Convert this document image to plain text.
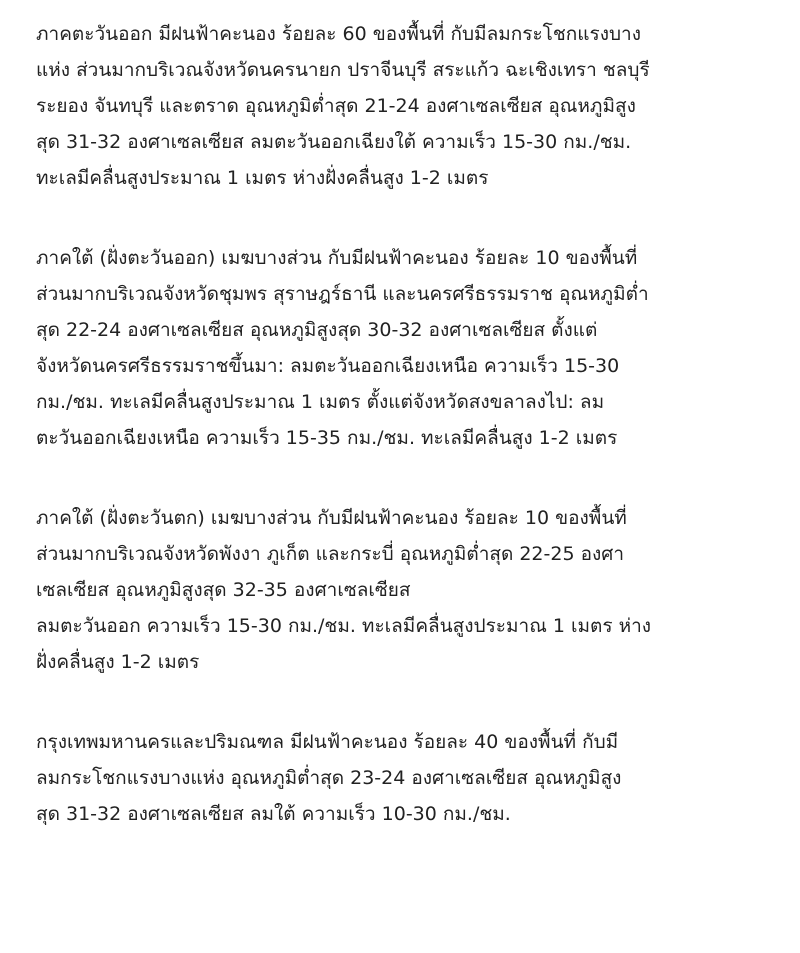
ภาคตะวันออก มีฝนฟ้าคะนอง ร้อยละ 60 ของพื้นที่ กับมีลมกระโชกแรงบาง
แห่ง ส่วนมากบริเวณจังหวัดนครนายก ปราจีนบุรี สระแก้ว ฉะเชิงเทรา ชลบุรี
ระยอง จันทบุรี และตราด อุณหภูมิต่ำสุด 21-24 องศาเซลเซียส อุณหภูมิสูง
สุด 31-32 องศาเซลเซียส ลมตะวันออกเฉียงใต้ ความเร็ว 15-30 กม./ชม.
ทะเลมีคลื่นสูงประมาณ 1 เมตร ห่างฝั่งคลื่นสูง 1-2 เมตร

ภาคใต้ (ฝั่งตะวันออก) เมฆบางส่วน กับมีฝนฟ้าคะนอง ร้อยละ 10 ของพื้นที่
ส่วนมากบริเวณจังหวัดชุมพร สุราษฎร์ธานี และนครศรีธรรมราช อุณหภูมิต่ำ
สุด 22-24 องศาเซลเซียส อุณหภูมิสูงสุด 30-32 องศาเซลเซียส ตั้งแต่
จังหวัดนครศรีธรรมราชขึ้นมา: ลมตะวันออกเฉียงเหนือ ความเร็ว 15-30
กม./ชม. ทะเลมีคลื่นสูงประมาณ 1 เมตร ตั้งแต่จังหวัดสงขลาลงไป: ลม
ตะวันออกเฉียงเหนือ ความเร็ว 15-35 กม./ชม. ทะเลมีคลื่นสูง 1-2 เมตร

ภาคใต้ (ฝั่งตะวันตก) เมฆบางส่วน กับมีฝนฟ้าคะนอง ร้อยละ 10 ของพื้นที่
ส่วนมากบริเวณจังหวัดพังงา ภูเก็ต และกระบี่ อุณหภูมิต่ำสุด 22-25 องศา
เซลเซียส อุณหภูมิสูงสุด 32-35 องศาเซลเซียส
ลมตะวันออก ความเร็ว 15-30 กม./ชม. ทะเลมีคลื่นสูงประมาณ 1 เมตร ห่าง
ฝั่งคลื่นสูง 1-2 เมตร

กรุงเทพมหานครและปริมณฑล มีฝนฟ้าคะนอง ร้อยละ 40 ของพื้นที่ กับมี
ลมกระโชกแรงบางแห่ง อุณหภูมิต่ำสุด 23-24 องศาเซลเซียส อุณหภูมิสูง
สุด 31-32 องศาเซลเซียส ลมใต้ ความเร็ว 10-30 กม./ชม.
